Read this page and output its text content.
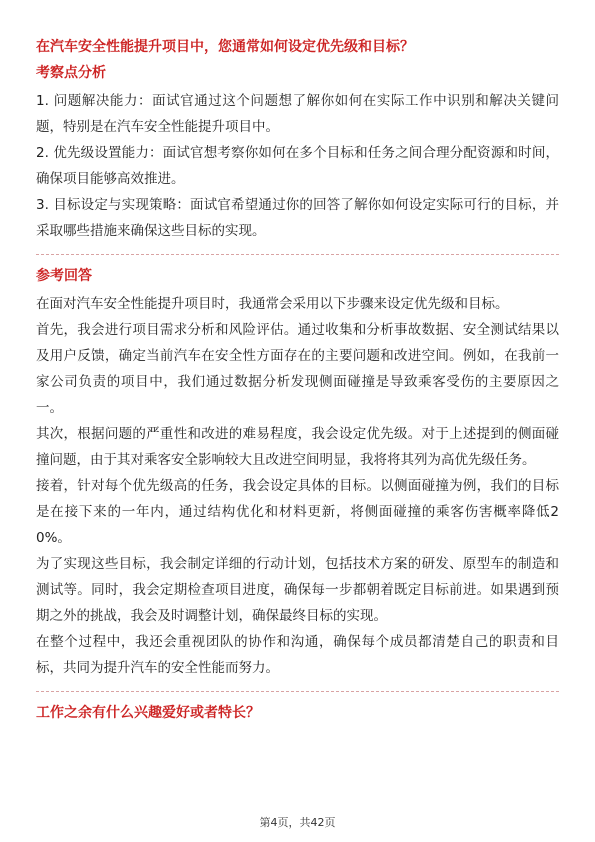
在汽车安全性能提升项目中，您通常如何设定优先级和目标？
考察点分析

1. 问题解决能力：面试官通过这个问题想了解你如何在实际工作中识别和解决关键问题，特别是在汽车安全性能提升项目中。

2. 优先级设置能力：面试官想考察你如何在多个目标和任务之间合理分配资源和时间，确保项目能够高效推进。

3. 目标设定与实现策略：面试官希望通过你的回答了解你如何设定实际可行的目标，并采取哪些措施来确保这些目标的实现。

参考回答

在面对汽车安全性能提升项目时，我通常会采用以下步骤来设定优先级和目标。

首先，我会进行项目需求分析和风险评估。通过收集和分析事故数据、安全测试结果以及用户反馈，确定当前汽车在安全性方面存在的主要问题和改进空间。例如，在我前一家公司负责的项目中，我们通过数据分析发现侧面碰撞是导致乘客受伤的主要原因之一。

其次，根据问题的严重性和改进的难易程度，我会设定优先级。对于上述提到的侧面碰撞问题，由于其对乘客安全影响较大且改进空间明显，我将将其列为高优先级任务。

接着，针对每个优先级高的任务，我会设定具体的目标。以侧面碰撞为例，我们的目标是在接下来的一年内，通过结构优化和材料更新，将侧面碰撞的乘客伤害概率降低20%。

为了实现这些目标，我会制定详细的行动计划，包括技术方案的研发、原型车的制造和测试等。同时，我会定期检查项目进度，确保每一步都朝着既定目标前进。如果遇到预期之外的挑战，我会及时调整计划，确保最终目标的实现。

在整个过程中，我还会重视团队的协作和沟通，确保每个成员都清楚自己的职责和目标，共同为提升汽车的安全性能而努力。

工作之余有什么兴趣爱好或者特长？
第4页，共42页
